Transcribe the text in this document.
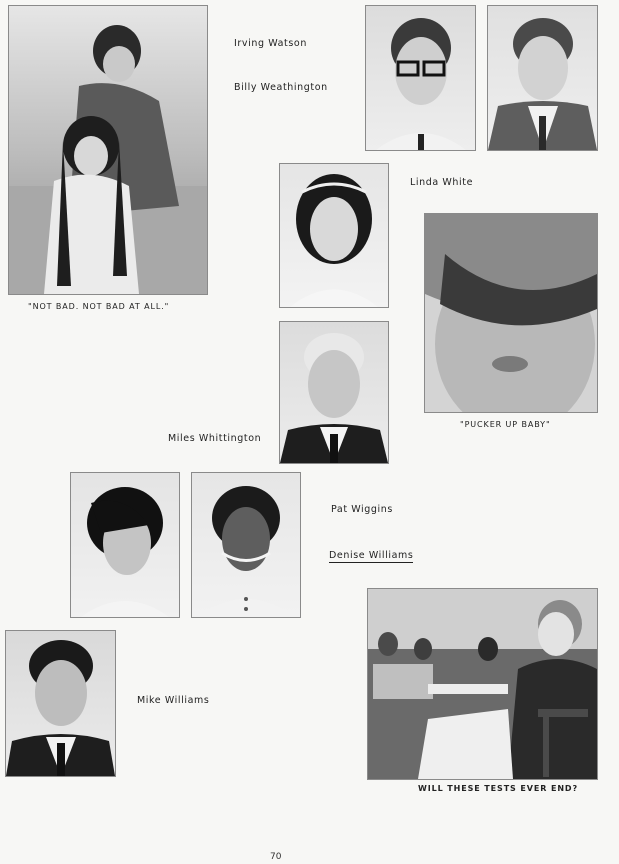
"NOT BAD. NOT BAD AT ALL."
Irving Watson
Billy Weathington
Linda White
"PUCKER UP BABY"
Miles Whittington
Pat Wiggins
Denise Williams
Mike Williams
WILL THESE TESTS EVER END?
70
